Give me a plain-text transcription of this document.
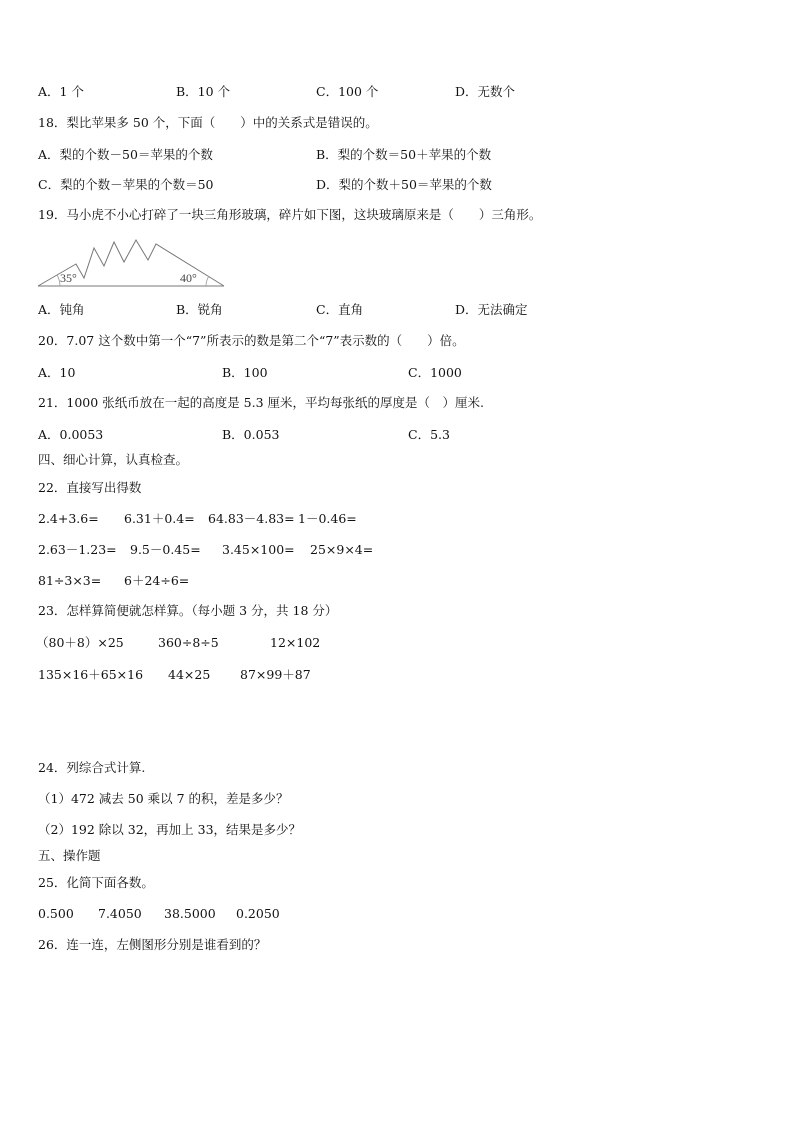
A．1 个	B．10 个	C．100 个	D．无数个
18．梨比苹果多 50 个，下面（　　）中的关系式是错误的。
A．梨的个数－50＝苹果的个数	B．梨的个数＝50＋苹果的个数
C．梨的个数－苹果的个数＝50	D．梨的个数＋50＝苹果的个数
19．马小虎不小心打碎了一块三角形玻璃，碎片如下图，这块玻璃原来是（　　）三角形。
35°	40°
A．钝角	B．锐角	C．直角	D．无法确定
20．7.07 这个数中第一个“7”所表示的数是第二个“7”表示数的（　　）倍。
A．10	B．100	C．1000
21．1000 张纸币放在一起的高度是 5.3 厘米，平均每张纸的厚度是（　）厘米.
A．0.0053	B．0.053	C．5.3
四、细心计算，认真检查。
22．直接写出得数
2.4+3.6= 6.31＋0.4= 64.83－4.83= 1－0.46=
2.63－1.23= 9.5－0.45= 3.45×100= 25×9×4=
81÷3×3= 6＋24÷6=
23．怎样算简便就怎样算。（每小题 3 分，共 18 分）
（80＋8）×25	360÷8÷5	12×102
135×16＋65×16 44×25 87×99＋87
24．列综合式计算.
（1）472 减去 50 乘以 7 的积，差是多少？
（2）192 除以 32，再加上 33，结果是多少？
五、操作题
25．化简下面各数。
0.500 7.4050 38.5000 0.2050
26．连一连，左侧图形分别是谁看到的？
